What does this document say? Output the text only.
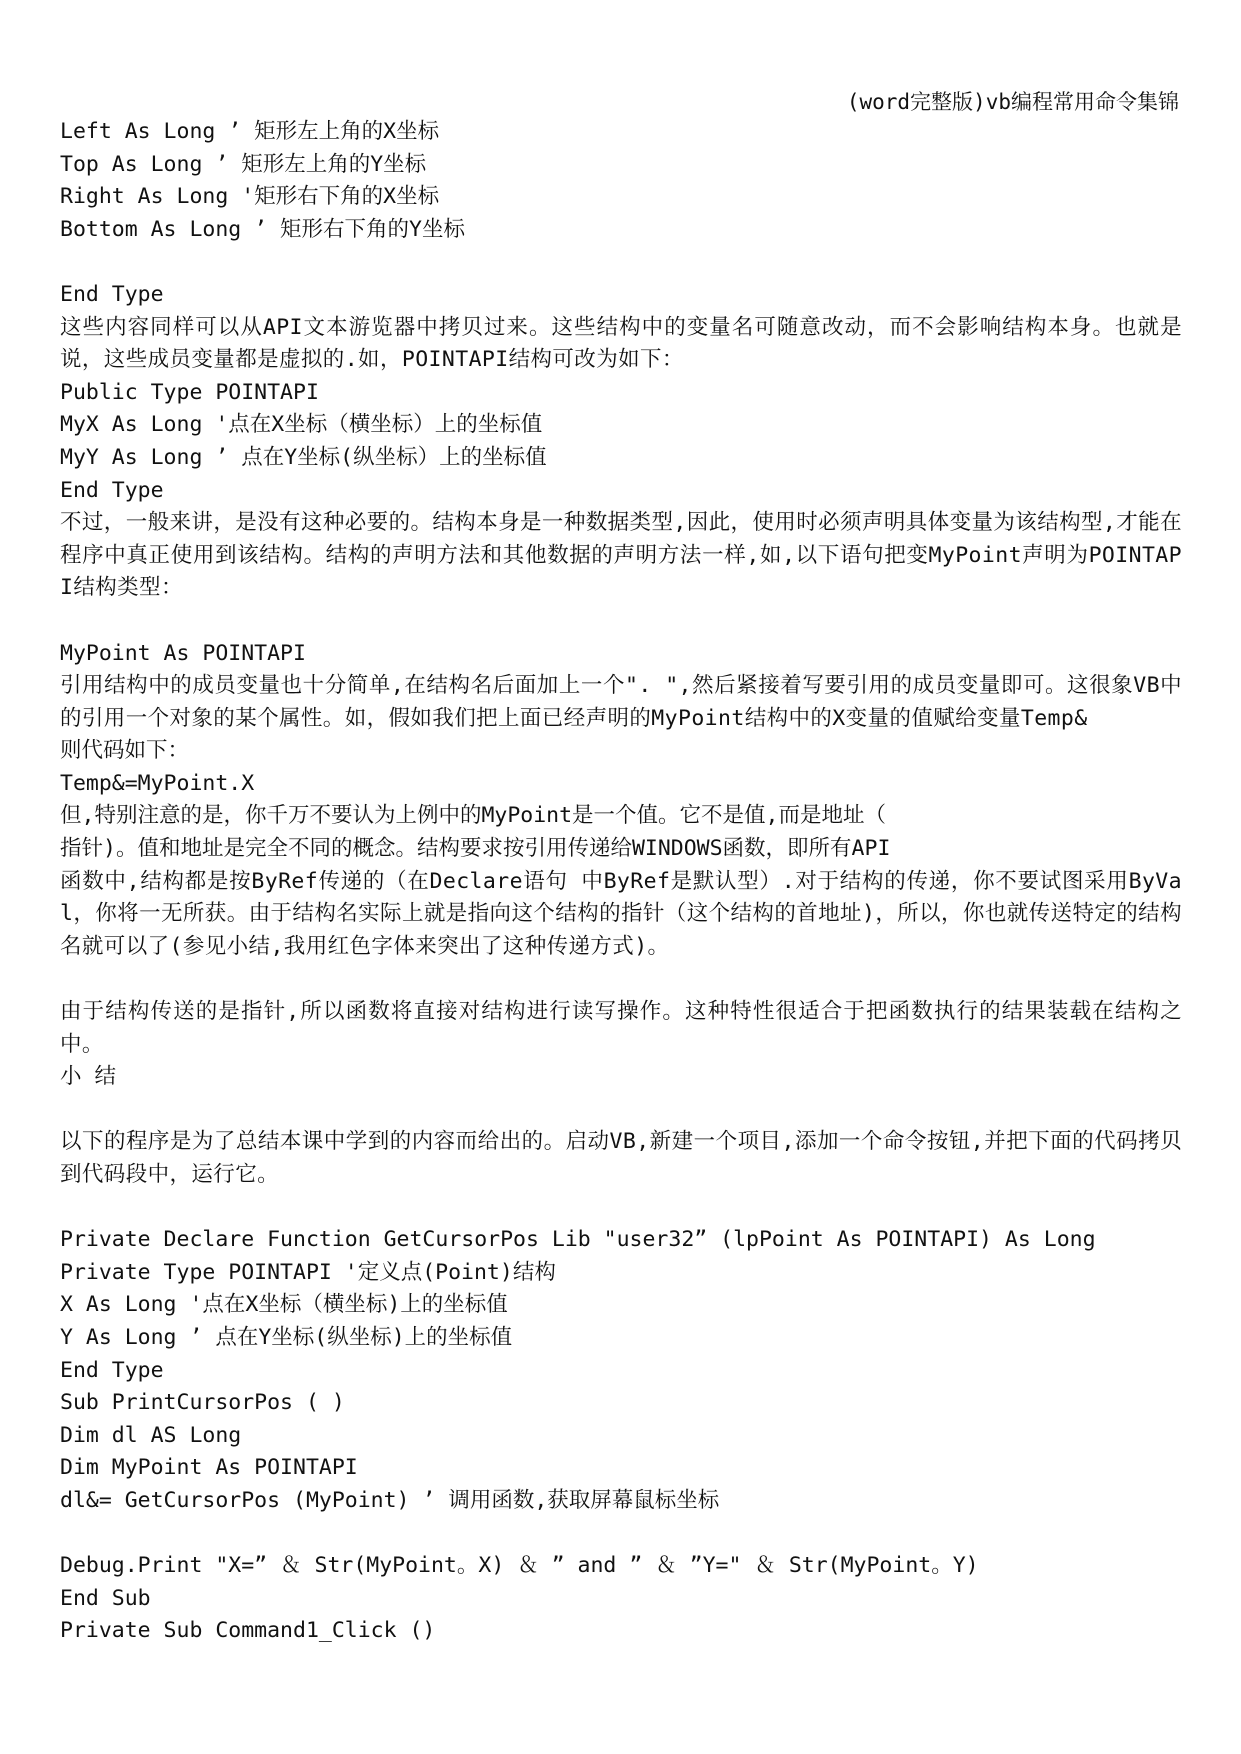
(word完整版)vb编程常用命令集锦
Left As Long ’ 矩形左上角的X坐标
Top As Long ’ 矩形左上角的Y坐标
Right As Long '矩形右下角的X坐标
Bottom As Long ’ 矩形右下角的Y坐标
End Type
这些内容同样可以从API文本游览器中拷贝过来。这些结构中的变量名可随意改动，而不会影响结构本身。也就是说，这些成员变量都是虚拟的.如，POINTAPI结构可改为如下：
Public Type POINTAPI
MyX As Long '点在X坐标（横坐标）上的坐标值
MyY As Long ’ 点在Y坐标(纵坐标）上的坐标值
End Type
不过，一般来讲，是没有这种必要的。结构本身是一种数据类型,因此，使用时必须声明具体变量为该结构型,才能在程序中真正使用到该结构。结构的声明方法和其他数据的声明方法一样,如,以下语句把变MyPoint声明为POINTAPI结构类型：
MyPoint As POINTAPI
引用结构中的成员变量也十分简单,在结构名后面加上一个". ",然后紧接着写要引用的成员变量即可。这很象VB中的引用一个对象的某个属性。如，假如我们把上面已经声明的MyPoint结构中的X变量的值赋给变量Temp&
则代码如下：
Temp&=MyPoint.X
但,特别注意的是，你千万不要认为上例中的MyPoint是一个值。它不是值,而是地址（
指针)。值和地址是完全不同的概念。结构要求按引用传递给WINDOWS函数，即所有API
函数中,结构都是按ByRef传递的（在Declare语句 中ByRef是默认型）.对于结构的传递，你不要试图采用ByVal，你将一无所获。由于结构名实际上就是指向这个结构的指针（这个结构的首地址)，所以，你也就传送特定的结构名就可以了(参见小结,我用红色字体来突出了这种传递方式)。
由于结构传送的是指针,所以函数将直接对结构进行读写操作。这种特性很适合于把函数执行的结果装载在结构之中。
小 结
以下的程序是为了总结本课中学到的内容而给出的。启动VB,新建一个项目,添加一个命令按钮,并把下面的代码拷贝到代码段中，运行它。
Private Declare Function GetCursorPos Lib "user32” (lpPoint As POINTAPI) As Long
Private Type POINTAPI '定义点(Point)结构
X As Long '点在X坐标（横坐标)上的坐标值
Y As Long ’ 点在Y坐标(纵坐标)上的坐标值
End Type
Sub PrintCursorPos ( )
Dim dl AS Long
Dim MyPoint As POINTAPI
dl&= GetCursorPos (MyPoint) ’ 调用函数,获取屏幕鼠标坐标
Debug.Print "X=” ＆ Str(MyPoint。X) ＆ ” and ” ＆ ”Y=" ＆ Str(MyPoint。Y)
End Sub
Private Sub Command1_Click ()
